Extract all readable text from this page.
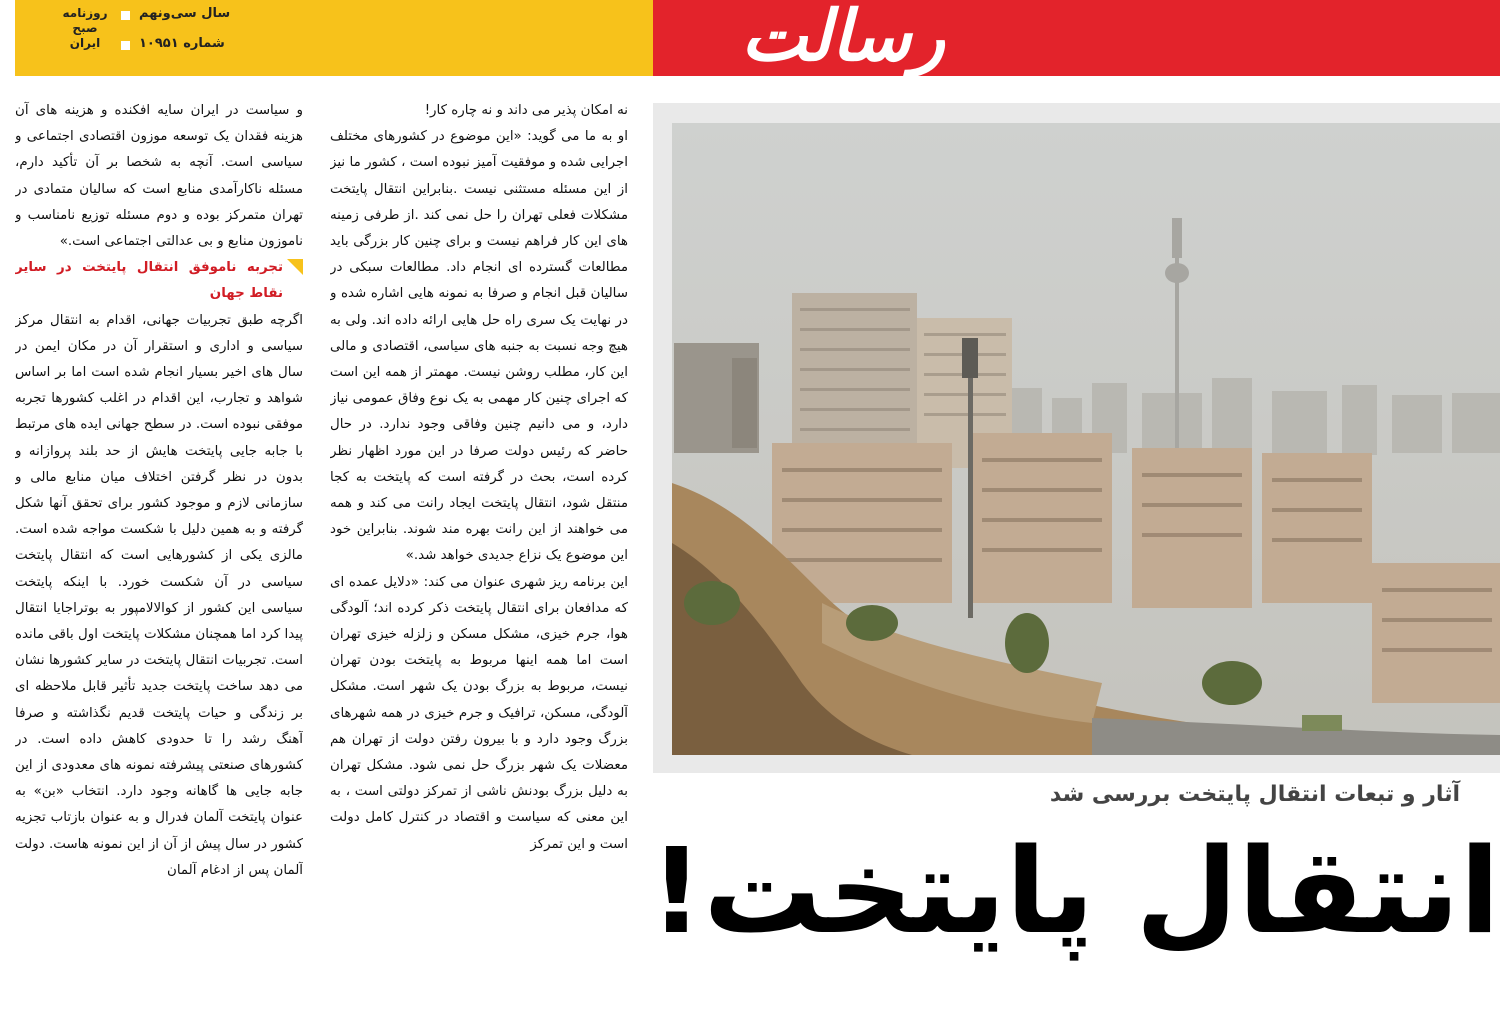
روزنامه
صبح
ایران
سال سی‌ونهم
شماره ۱۰۹۵۱	رسالت

و سیاست در ایران سایه افکنده و هزینه های آن هزینه فقدان یک توسعه موزون اقتصادی اجتماعی و سیاسی است. آنچه به شخصا بر آن تأکید دارم، مسئله ناکارآمدی منابع است که سالیان متمادی در تهران متمرکز بوده و دوم مسئله توزیع نامناسب و ناموزون منابع و بی عدالتی اجتماعی است.»

تجربه ناموفق انتقال پایتخت در سایر نقاط جهان

اگرچه طبق تجربیات جهانی، اقدام به انتقال مرکز سیاسی و اداری و استقرار آن در مکان ایمن در سال های اخیر بسیار انجام شده است اما بر اساس شواهد و تجارب، این اقدام در اغلب کشورها تجربه موفقی نبوده است. در سطح جهانی ایده های مرتبط با جابه جایی پایتخت هایش از حد بلند پروازانه و بدون در نظر گرفتن اختلاف میان منابع مالی و سازمانی لازم و موجود کشور برای تحقق آنها شکل گرفته و به همین دلیل با شکست مواجه شده است. مالزی یکی از کشورهایی است که انتقال پایتخت سیاسی در آن شکست خورد. با اینکه پایتخت سیاسی این کشور از کوالالامپور به بوتراجایا انتقال پیدا کرد اما همچنان مشکلات پایتخت اول باقی مانده است. تجربیات انتقال پایتخت در سایر کشورها نشان می دهد ساخت پایتخت جدید تأثیر قابل ملاحظه ای بر زندگی و حیات پایتخت قدیم نگذاشته و صرفا آهنگ رشد را تا حدودی کاهش داده است. در کشورهای صنعتی پیشرفته نمونه های معدودی از این جابه جایی ها گاهانه وجود دارد. انتخاب «بن» به عنوان پایتخت آلمان فدرال و به عنوان بازتاب تجزیه کشور در سال پیش از آن از این نمونه هاست. دولت آلمان پس از ادغام آلمان

نه امکان پذیر می داند و نه چاره کار!

او به ما می گوید: «این موضوع در کشورهای مختلف اجرایی شده و موفقیت آمیز نبوده است ، کشور ما نیز از این مسئله مستثنی نیست .بنابراین انتقال پایتخت مشکلات فعلی تهران را حل نمی کند .از طرفی زمینه های این کار فراهم نیست و برای چنین کار بزرگی باید مطالعات گسترده ای انجام داد. مطالعات سبکی در سالیان قبل انجام و صرفا به نمونه هایی اشاره شده و در نهایت یک سری راه حل هایی ارائه داده اند. ولی به هیچ وجه نسبت به جنبه های سیاسی، اقتصادی و مالی این کار، مطلب روشن نیست. مهمتر از همه این است که اجرای چنین کار مهمی به یک نوع وفاق عمومی نیاز دارد، و می دانیم چنین وفاقی وجود ندارد. در حال حاضر که رئیس دولت صرفا در این مورد اظهار نظر کرده است، بحث در گرفته است که پایتخت به کجا منتقل شود، انتقال پایتخت ایجاد رانت می کند و همه می خواهند از این رانت بهره مند شوند. بنابراین خود این موضوع یک نزاع جدیدی خواهد شد.»

این برنامه ریز شهری عنوان می کند: «دلایل عمده ای که مدافعان برای انتقال پایتخت ذکر کرده اند؛ آلودگی هوا، جرم خیزی، مشکل مسکن و زلزله خیزی تهران است اما همه اینها مربوط به پایتخت بودن تهران نیست، مربوط به بزرگ بودن یک شهر است. مشکل آلودگی، مسکن، ترافیک و جرم خیزی در همه شهرهای بزرگ وجود دارد و با بیرون رفتن دولت از تهران هم معضلات یک شهر بزرگ حل نمی شود. مشکل تهران به دلیل بزرگ بودنش ناشی از تمرکز دولتی است ، به این معنی که سیاست و اقتصاد در کنترل کامل دولت است و این تمرکز

آثار و تبعات انتقال پایتخت بررسی شد
انتقال پایتخت!
